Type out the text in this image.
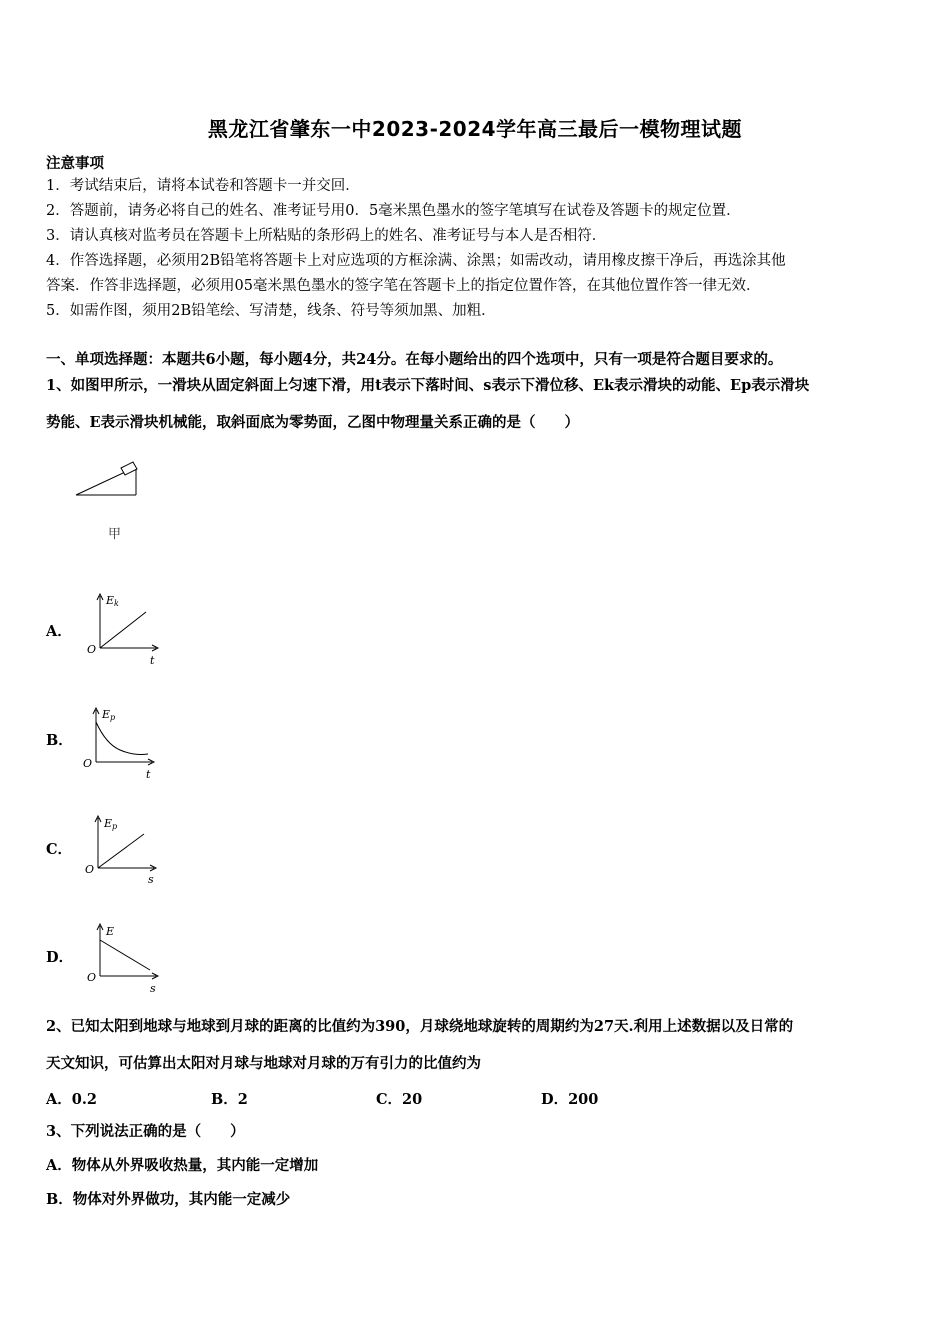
黑龙江省肇东一中2023-2024学年高三最后一模物理试题
注意事项
1．考试结束后，请将本试卷和答题卡一并交回．
2．答题前，请务必将自己的姓名、准考证号用0．5毫米黑色墨水的签字笔填写在试卷及答题卡的规定位置．
3．请认真核对监考员在答题卡上所粘贴的条形码上的姓名、准考证号与本人是否相符．
4．作答选择题，必须用2B铅笔将答题卡上对应选项的方框涂满、涂黑；如需改动，请用橡皮擦干净后，再选涂其他
答案．作答非选择题，必须用05毫米黑色墨水的签字笔在答题卡上的指定位置作答，在其他位置作答一律无效．
5．如需作图，须用2B铅笔绘、写清楚，线条、符号等须加黑、加粗．
一、单项选择题：本题共6小题，每小题4分，共24分。在每小题给出的四个选项中，只有一项是符合题目要求的。
1、如图甲所示，一滑块从固定斜面上匀速下滑，用t表示下落时间、s表示下滑位移、Ek表示滑块的动能、Ep表示滑块
势能、E表示滑块机械能，取斜面底为零势面，乙图中物理量关系正确的是（　　）
甲
A．
Ek
O
t
B．
Ep
O
t
C．
Ep
O
s
D．
E
O
s
2、已知太阳到地球与地球到月球的距离的比值约为390，月球绕地球旋转的周期约为27天.利用上述数据以及日常的
天文知识，可估算出太阳对月球与地球对月球的万有引力的比值约为
A．0.2	B．2	C．20	D．200
3、下列说法正确的是（　　）
A．物体从外界吸收热量，其内能一定增加
B．物体对外界做功，其内能一定减少
